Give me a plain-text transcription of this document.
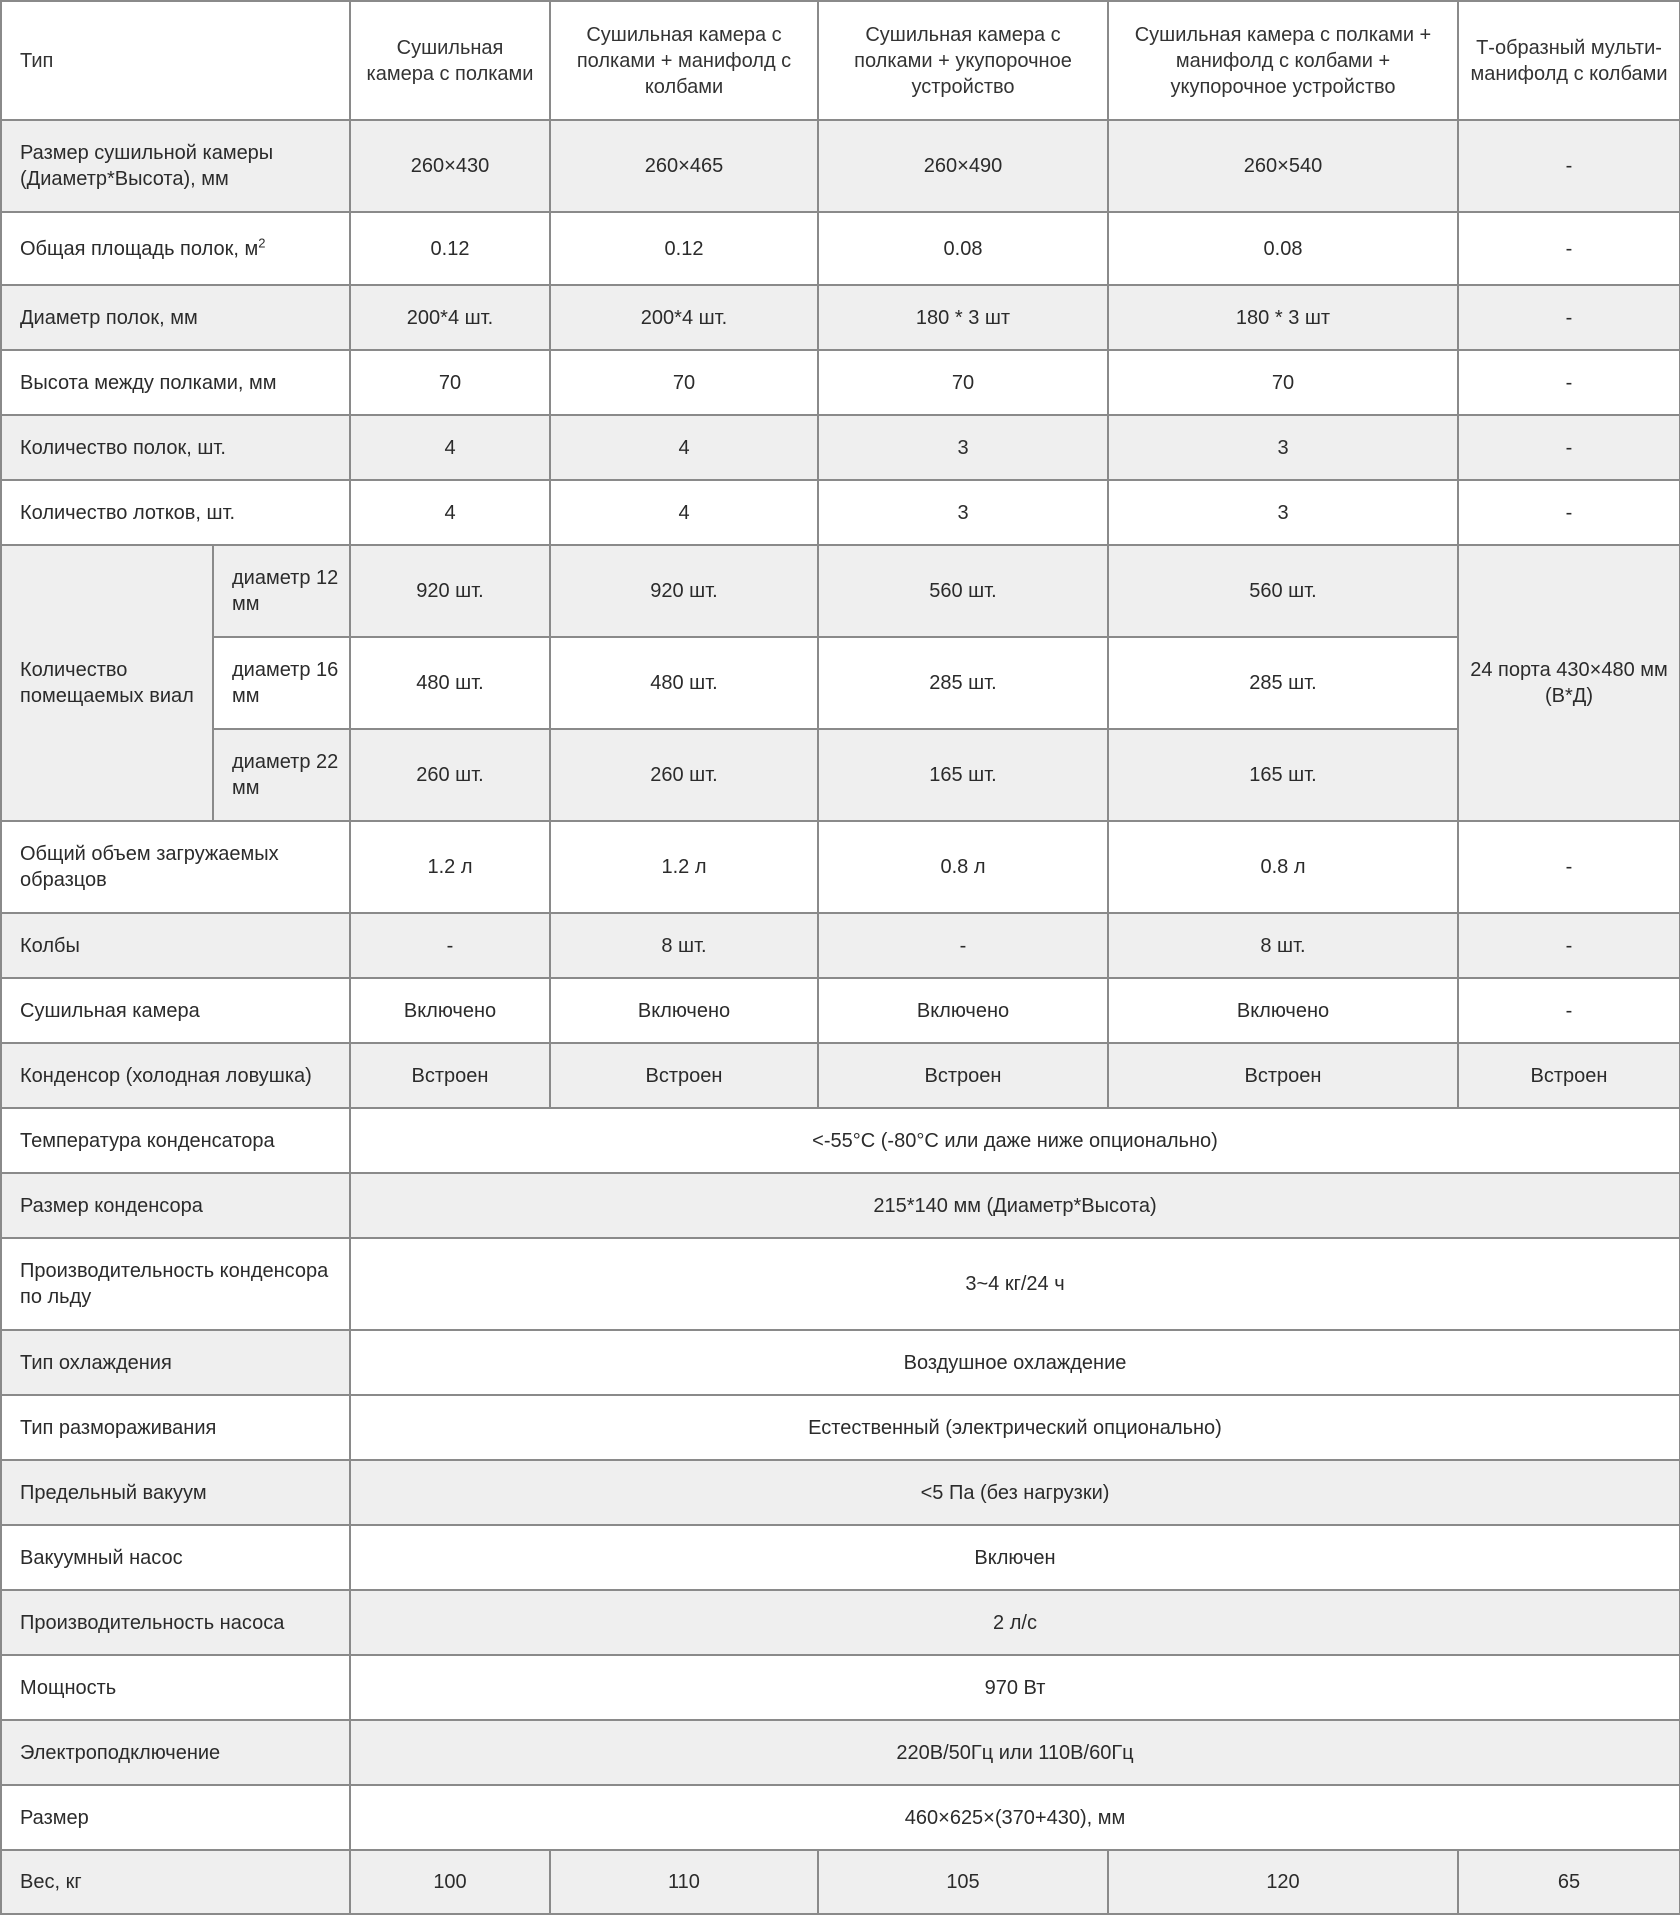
Тип		Сушильная камера с полками	Сушильная камера с полками + манифолд с колбами	Сушильная камера с полками + укупорочное устройство	Сушильная камера с полками + манифолд с колбами + укупорочное устройство	Т-образный мульти-манифолд с колбами
Размер сушильной камеры (Диаметр*Высота), мм		260×430	260×465	260×490	260×540	-
Общая площадь полок, $м^2$		0.12	0.12	0.08	0.08	-
Диаметр полок, мм		200*4 шт.	200*4 шт.	180 * 3 шт	180 * 3 шт	-
Высота между полками, мм		70	70	70	70	-
Количество полок, шт.		4	4	3	3	-
Количество лотков, шт.		4	4	3	3	-
Количество помещаемых виал	диаметр 12 мм	920 шт.	920 шт.	560 шт.	560 шт.	24 порта 430×480 мм (В*Д)
	диаметр 16 мм	480 шт.	480 шт.	285 шт.	285 шт.	
	диаметр 22 мм	260 шт.	260 шт.	165 шт.	165 шт.	
Общий объем загружаемых образцов		1.2 л	1.2 л	0.8 л	0.8 л	-
Колбы		-	8 шт.	-	8 шт.	-
Сушильная камера		Включено	Включено	Включено	Включено	-
Конденсор (холодная ловушка)		Встроен	Встроен	Встроен	Встроен	Встроен
Температура конденсатора		<-55°C (-80°C или даже ниже опционально)				
Размер конденсора		215*140 мм (Диаметр*Высота)				
Производительность конденсора по льду		3~4 кг/24 ч				
Тип охлаждения		Воздушное охлаждение				
Тип размораживания		Естественный (электрический опционально)				
Предельный вакуум		<5 Па (без нагрузки)				
Вакуумный насос		Включен				
Производительность насоса		2 л/с				
Мощность		970 Вт				
Электроподключение		220В/50Гц или 110В/60Гц				
Размер		460×625×(370+430), мм				
Вес, кг		100	110	105	120	65
